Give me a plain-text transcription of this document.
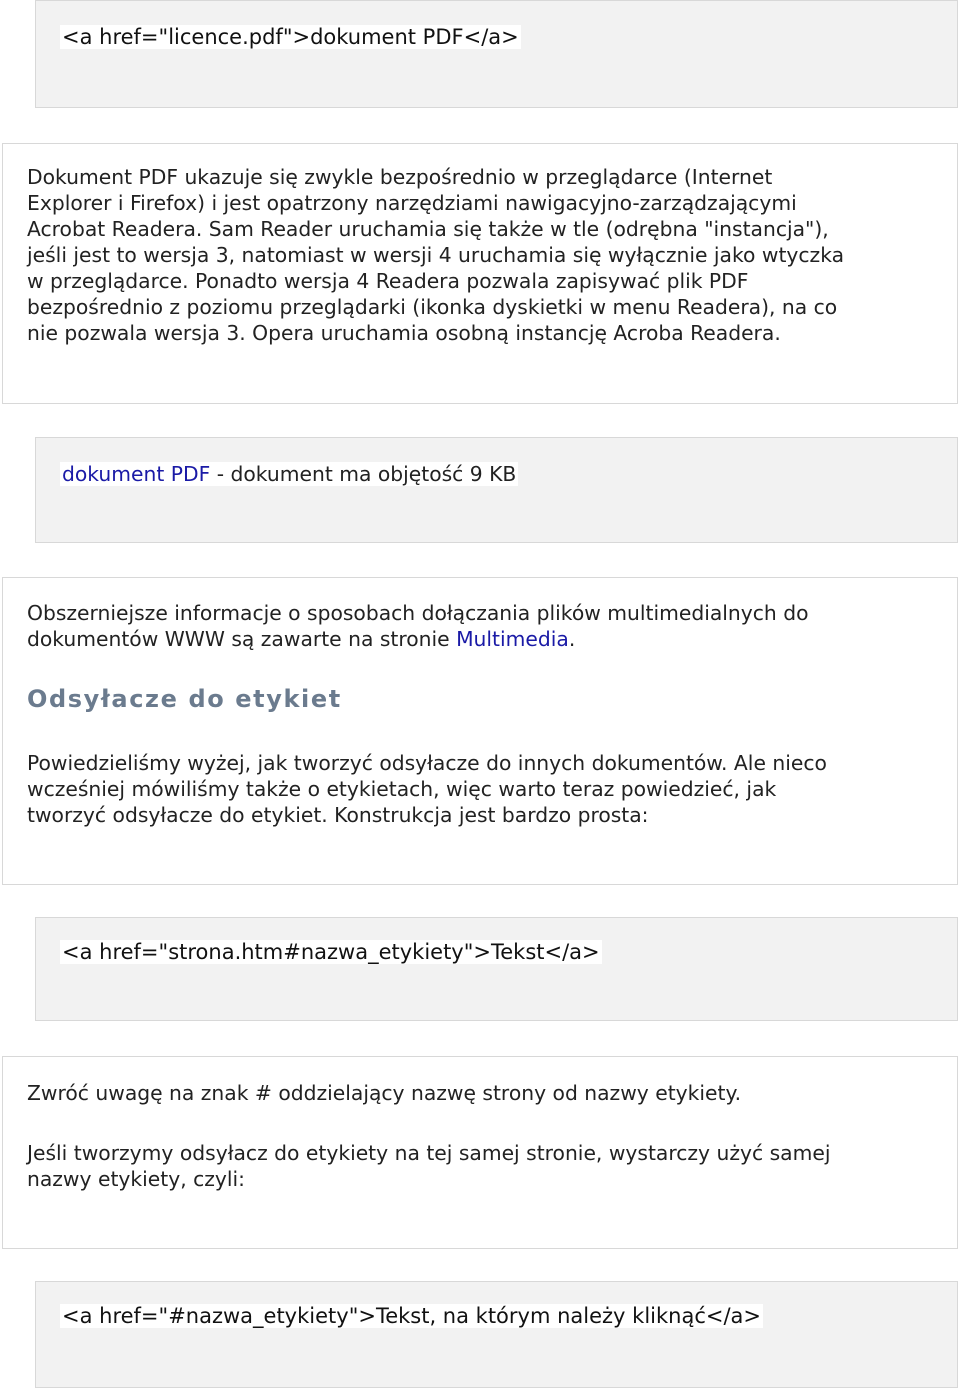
<a href="licence.pdf">dokument PDF</a>

Dokument PDF ukazuje się zwykle bezpośrednio w przeglądarce (Internet

Explorer i Firefox) i jest opatrzony narzędziami nawigacyjno-zarządzającymi

Acrobat Readera. Sam Reader uruchamia się także w tle (odrębna "instancja"),

jeśli jest to wersja 3, natomiast w wersji 4 uruchamia się wyłącznie jako wtyczka

w przeglądarce. Ponadto wersja 4 Readera pozwala zapisywać plik PDF

bezpośrednio z poziomu przeglądarki (ikonka dyskietki w menu Readera), na co

nie pozwala wersja 3. Opera uruchamia osobną instancję Acroba Readera.

dokument PDF - dokument ma objętość 9 KB

Obszerniejsze informacje o sposobach dołączania plików multimedialnych do

dokumentów WWW są zawarte na stronie Multimedia.

Odsyłacze do etykiet

Powiedzieliśmy wyżej, jak tworzyć odsyłacze do innych dokumentów. Ale nieco

wcześniej mówiliśmy także o etykietach, więc warto teraz powiedzieć, jak

tworzyć odsyłacze do etykiet. Konstrukcja jest bardzo prosta:

<a href="strona.htm#nazwa_etykiety">Tekst</a>

Zwróć uwagę na znak # oddzielający nazwę strony od nazwy etykiety.

Jeśli tworzymy odsyłacz do etykiety na tej samej stronie, wystarczy użyć samej

nazwy etykiety, czyli:

<a href="#nazwa_etykiety">Tekst, na którym należy kliknąć</a>
